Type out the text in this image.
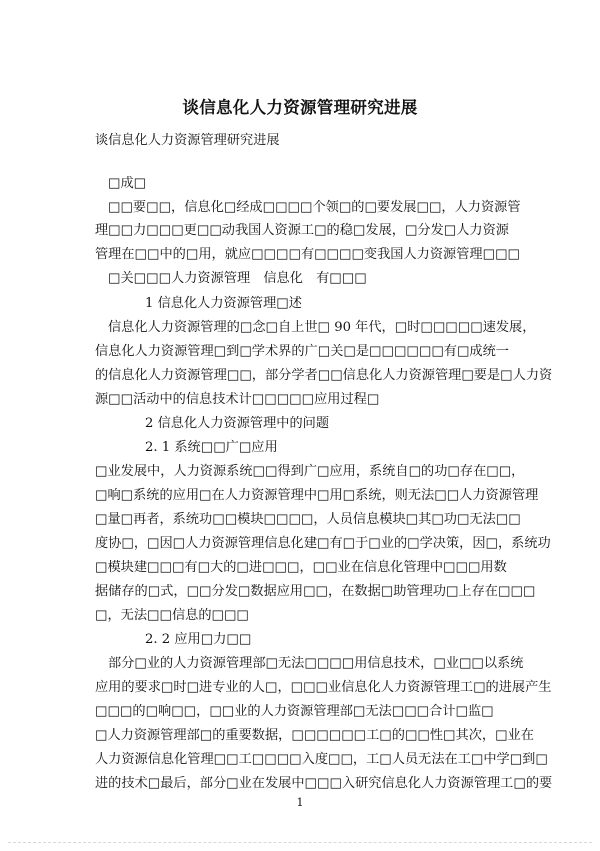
谈信息化人力资源管理研究进展
谈信息化人力资源管理研究进展
□成□
□□要□□，信息化□经成□□□□个领□的□要发展□□，人力资源管
理□□力□□□更□□动我国人资源工□的稳□发展，□分发□人力资源
管理在□□中的□用，就应□□□□有□□□□变我国人力资源管理□□□
□关□□□人力资源管理　信息化　有□□□
1 信息化人力资源管理□述
信息化人力资源管理的□念□自上世□ 90 年代，□时□□□□□速发展，
信息化人力资源管理□到□学术界的广□关□是□□□□□□有□成统一
的信息化人力资源管理□□，部分学者□□信息化人力资源管理□要是□人力资
源□□活动中的信息技术计□□□□□应用过程□
2 信息化人力资源管理中的问题
2. 1 系统□□广□应用
□业发展中，人力资源系统□□得到广□应用，系统自□的功□存在□□，
□响□系统的应用□在人力资源管理中□用□系统，则无法□□人力资源管理
□量□再者，系统功□□模块□□□□，人员信息模块□其□功□无法□□
度协□，□因□人力资源管理信息化建□有□于□业的□学决策，因□，系统功
□模块建□□□有□大的□进□□□，□□业在信息化管理中□□□用数
据储存的□式，□□分发□数据应用□□，在数据□助管理功□上存在□□□
□，无法□□信息的□□□
2. 2 应用□力□□
部分□业的人力资源管理部□无法□□□□用信息技术，□业□□以系统
应用的要求□时□进专业的人□，□□□业信息化人力资源管理工□的进展产生
□□□的□响□□，□□业的人力资源管理部□无法□□□合计□监□
□人力资源管理部□的重要数据，□□□□□□工□的□□性□其次，□业在
人力资源信息化管理□□工□□□□入度□□，工□人员无法在工□中学□到□
进的技术□最后，部分□业在发展中□□□入研究信息化人力资源管理工□的要
1
